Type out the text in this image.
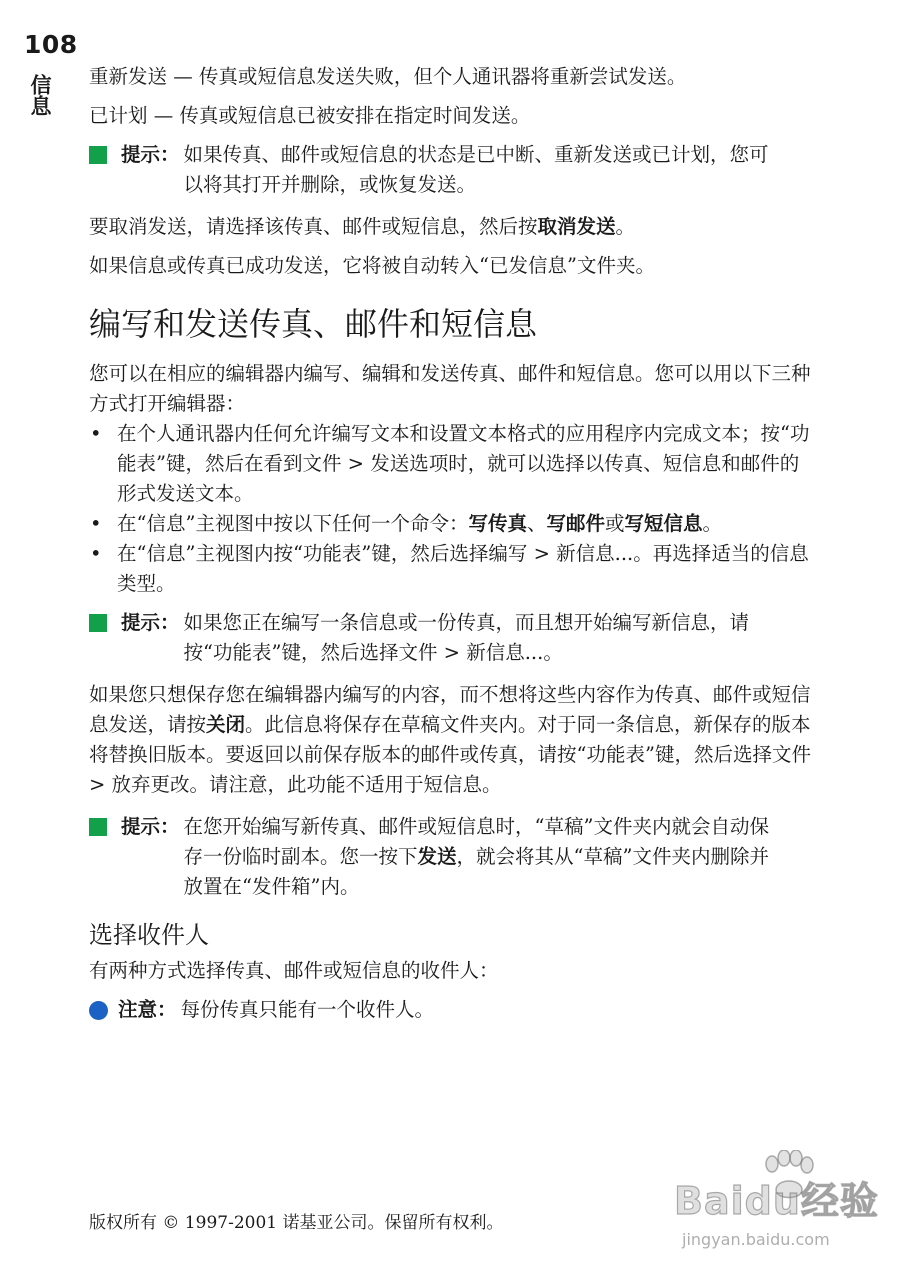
108
信息 重新发送 — 传真或短信息发送失败，但个人通讯器将重新尝试发送。

已计划 — 传真或短信息已被安排在指定时间发送。

提示： 如果传真、邮件或短信息的状态是已中断、重新发送或已计划，您可以将其打开并删除，或恢复发送。

要取消发送，请选择该传真、邮件或短信息，然后按取消发送。

如果信息或传真已成功发送，它将被自动转入“已发信息”文件夹。

编写和发送传真、邮件和短信息

您可以在相应的编辑器内编写、编辑和发送传真、邮件和短信息。您可以用以下三种方式打开编辑器：

• 在个人通讯器内任何允许编写文本和设置文本格式的应用程序内完成文本；按“功能表”键，然后在看到文件 > 发送选项时，就可以选择以传真、短信息和邮件的形式发送文本。
• 在“信息”主视图中按以下任何一个命令：写传真、写邮件或写短信息。
• 在“信息”主视图内按“功能表”键，然后选择编写 > 新信息...。再选择适当的信息类型。
提示： 如果您正在编写一条信息或一份传真，而且想开始编写新信息，请按“功能表”键，然后选择文件 > 新信息...。

如果您只想保存您在编辑器内编写的内容，而不想将这些内容作为传真、邮件或短信息发送，请按关闭。此信息将保存在草稿文件夹内。对于同一条信息，新保存的版本将替换旧版本。要返回以前保存版本的邮件或传真，请按“功能表”键，然后选择文件 > 放弃更改。请注意，此功能不适用于短信息。

提示： 在您开始编写新传真、邮件或短信息时，“草稿”文件夹内就会自动保存一份临时副本。您一按下发送，就会将其从“草稿”文件夹内删除并放置在“发件箱”内。
选择收件人

有两种方式选择传真、邮件或短信息的收件人：

注意： 每份传真只能有一个收件人。
版权所有 © 1997-2001 诺基亚公司。保留所有权利。	Baidu经验
jingyan.baidu.com
